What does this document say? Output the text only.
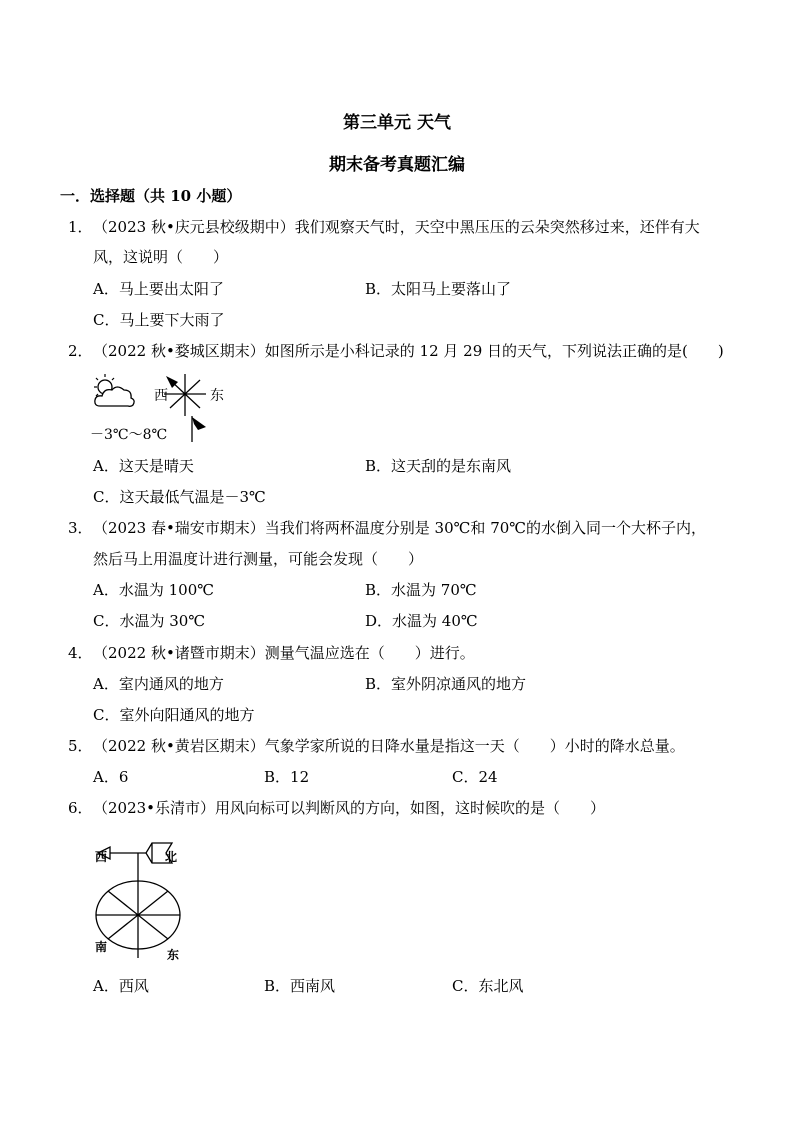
第三单元 天气
期末备考真题汇编
一．选择题（共 10 小题）
1． （2023 秋•庆元县校级期中）我们观察天气时，天空中黑压压的云朵突然移过来，还伴有大
风，这说明（　　）
A．马上要出太阳了	B．太阳马上要落山了
C．马上要下大雨了
2． （2022 秋•婺城区期末）如图所示是小科记录的 12 月 29 日的天气，下列说法正确的是(　　)
西	东
－3℃～8℃
A．这天是晴天	B．这天刮的是东南风
C．这天最低气温是－3℃
3． （2023 春•瑞安市期末）当我们将两杯温度分别是 30℃和 70℃的水倒入同一个大杯子内，
然后马上用温度计进行测量，可能会发现（　　）
A．水温为 100℃	B．水温为 70℃
C．水温为 30℃	D．水温为 40℃
4． （2022 秋•诸暨市期末）测量气温应选在（　　）进行。
A．室内通风的地方	B．室外阴凉通风的地方
C．室外向阳通风的地方
5． （2022 秋•黄岩区期末）气象学家所说的日降水量是指这一天（　　）小时的降水总量。
A．6	B．12	C．24
6． （2023•乐清市）用风向标可以判断风的方向，如图，这时候吹的是（　　）
西	北
南
东
A．西风	B．西南风	C．东北风
